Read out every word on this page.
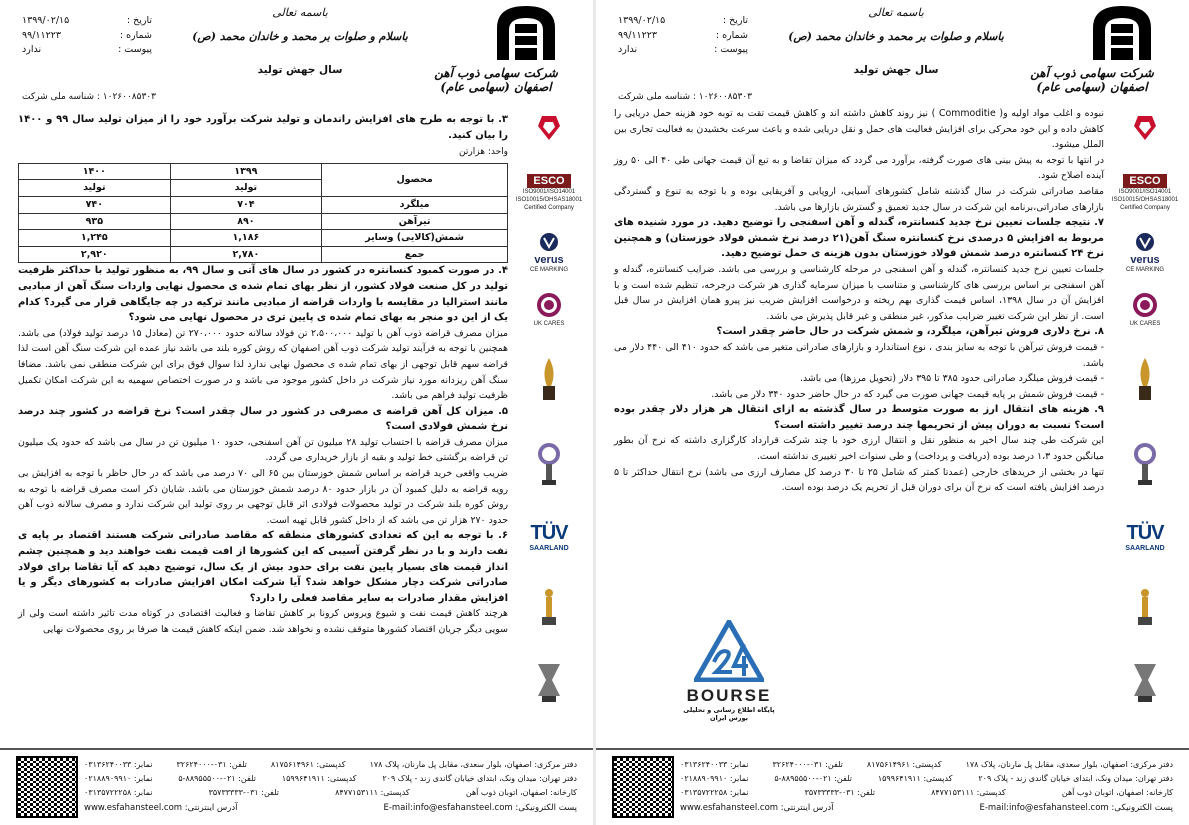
شرکت سهامی ذوب آهن اصفهان (سهامی عام)
باسمه تعالی
باسلام و صلوات بر محمد و خاندان محمد (ص)
سال جهش تولید
تاریخ :
۱۳۹۹/۰۲/۱۵
شماره :
۹۹/۱۱۲۲۳
پیوست :
ندارد
۱۰۲۶۰۰۸۵۳۰۳ : شناسه ملی شرکت
ESCO
ISO9001/ISO14001
ISO10015/OHSAS18001
Certified Company
verus
CE MARKING
UK CARES
TÜV
SAARLAND

۳. با توجه به طرح های افزایش راندمان و تولید شرکت برآورد خود را از میزان تولید سال ۹۹ و ۱۴۰۰ را بیان کنید.

واحد: هزارتن
محصول	۱۳۹۹	۱۴۰۰
	تولید	تولید
میلگرد	۷۰۴	۷۴۰
تیرآهن	۸۹۰	۹۳۵
شمش(کالایی) وسایر	۱,۱۸۶	۱,۲۴۵
جمع	۲,۷۸۰	۲,۹۲۰

۴. در صورت کمبود کنسانتره در کشور در سال های آتی و سال ۹۹، به منظور تولید با حداکثر ظرفیت تولید در کل صنعت فولاد کشور، از نظر بهای تمام شده ی محصول نهایی واردات سنگ آهن از مبادیی مانند استرالیا در مقایسه با واردات قراضه از مبادیی مانند ترکیه در چه جایگاهی قرار می گیرد؟ کدام یک از این دو منجر به بهای تمام شده ی پایین تری در محصول نهایی می شود؟

میزان مصرف قراضه ذوب آهن با تولید ۲،۵۰۰،۰۰۰ تن فولاد سالانه حدود ۲۷۰،۰۰۰ تن (معادل ۱۵ درصد تولید فولاد) می باشد. همچنین با توجه به فرآیند تولید شرکت ذوب آهن اصفهان که روش کوره بلند می باشد نیاز عمده این شرکت سنگ آهن است لذا قراضه سهم قابل توجهی از بهای تمام شده ی محصول نهایی ندارد لذا سوال فوق برای این شرکت منطقی نمی باشد. مضافا سنگ آهن ریزدانه مورد نیاز شرکت در داخل کشور موجود می باشد و در صورت اختصاص سهمیه به این شرکت امکان تکمیل ظرفیت تولید فراهم می باشد.

۵. میزان کل آهن قراضه ی مصرفی در کشور در سال چقدر است؟ نرخ قراضه در کشور چند درصد نرخ شمش فولادی است؟

میزان مصرف قراضه با احتساب تولید ۲۸ میلیون تن آهن اسفنجی، حدود ۱۰ میلیون تن در سال می باشد که حدود یک میلیون تن قراضه برگشتی خط تولید و بقیه از بازار خریداری می گردد.

ضریب واقعی خرید قراضه بر اساس شمش خوزستان بین ۶۵ الی ۷۰ درصد می باشد که در حال حاظر با توجه به افزایش بی رویه قراضه به دلیل کمبود آن در بازار حدود ۸۰ درصد شمش خوزستان می باشد. شایان ذکر است مصرف قراضه با توجه به روش کوره بلند شرکت در تولید محصولات فولادی اثر قابل توجهی بر روی تولید این شرکت ندارد و مصرف سالانه ذوب آهن حدود ۲۷۰ هزار تن می باشد که از داخل کشور قابل تهیه است.

۶. با توجه به این که تعدادی کشورهای منطقه که مقاصد صادراتی شرکت هستند اقتصاد بر پایه ی نفت دارند و با در نظر گرفتن آسیبی که این کشورها از افت قیمت نفت خواهند دید و همچنین چشم انداز قیمت های بسیار پایین نفت برای حدود بیش از یک سال، توضیح دهید که آیا تقاضا برای فولاد صادراتی شرکت دچار مشکل خواهد شد؟ آیا شرکت امکان افزایش صادرات به کشورهای دیگر و یا افزایش مقدار صادرات به سایر مقاصد فعلی را دارد؟

هرچند کاهش قیمت نفت و شیوع ویروس کرونا بر کاهش تقاضا و فعالیت اقتصادی در کوتاه مدت تاثیر داشته است ولی از سویی دیگر جریان اقتصاد کشورها متوقف نشده و نخواهد شد. ضمن اینکه کاهش قیمت ها صرفا بر روی محصولات نهایی

دفتر مرکزی: اصفهان، بلوار سعدی، مقابل پل مارنان، پلاک ۱۷۸
کدپستی: ۸۱۷۵۶۱۴۹۶۱
تلفن: ۰۳۱-۳۲۶۲۴۰۰۰
نمابر: ۰۳۱۳۶۲۴۰۰۳۳
دفتر تهران: میدان ونک، ابتدای خیابان گاندی زند - پلاک ۲۰۹
کدپستی: ۱۵۹۹۶۴۱۹۱۱
تلفن: ۰۲۱-۸۸۹۵۵۵۰۰-۵
نمابر: ۰۲۱۸۸۹۰۹۹۱۰
کارخانه: اصفهان، اتوبان ذوب آهن
کدپستی: ۸۴۷۷۱۵۳۱۱۱
تلفن: ۰۳۱-۳۵۷۳۳۳۳۳
نمابر: ۰۳۱۳۵۷۲۲۲۵۸
پست الکترونیکی: E-mail:info@esfahansteel.com
آدرس اینترنتی: www.esfahansteel.com
شرکت سهامی ذوب آهن اصفهان (سهامی عام)
باسمه تعالی
باسلام و صلوات بر محمد و خاندان محمد (ص)
سال جهش تولید
تاریخ :
۱۳۹۹/۰۲/۱۵
شماره :
۹۹/۱۱۲۲۳
پیوست :
ندارد
۱۰۲۶۰۰۸۵۳۰۳ : شناسه ملی شرکت
ESCO
ISO9001/ISO14001
ISO10015/OHSAS18001
Certified Company
verus
CE MARKING
UK CARES
TÜV
SAARLAND

نبوده و اغلب مواد اولیه و( Commoditie ) نیز روند کاهش داشته اند و کاهش قیمت تقت به توبه خود هزینه حمل دریایی را کاهش داده و این خود محرکی برای افزایش فعالیت های حمل و نقل دریایی شده و باعث سرعت بخشیدن به فعالیت تجاری بین الملل میشود.

در انتها با توجه به پیش بینی های صورت گرفته، برآورد می گردد که میزان تقاضا و به تبع آن قیمت جهانی طی ۴۰ الی ۵۰ روز آینده اصلاح شود.

مقاصد صادراتی شرکت در سال گذشته شامل کشورهای آسیایی، اروپایی و آفریقایی بوده و با توجه به تنوع و گستردگی بازارهای صادراتی،برنامه این شرکت در سال جدید تعمیق و گسترش بازارها می باشد.

۷. نتیجه جلسات تعیین نرخ جدید کنسانتره، گندله و آهن اسفنجی را توضیح دهید. در مورد شنیده های مربوط به افزایش ۵ درصدی نرخ کنسانتره سنگ آهن(۲۱ درصد نرخ شمش فولاد خوزستان) و همچنین نرخ ۲۴ کنسانتره درصد شمش فولاد خوزستان بدون هزینه ی حمل توضیح دهید.

جلسات تعیین نرخ جدید کنسانتره، گندله و آهن اسفنجی در مرحله کارشناسی و بررسی می باشد. ضرایب کنسانتره، گندله و آهن اسفنجی بر اساس بررسی های کارشناسی و متناسب با میزان سرمایه گذاری هر شرکت درجرخه، تنظیم شده است و با افزایش آن در سال ۱۳۹۸، اساس قیمت گذاری بهم ریخته و درخواست افزایش ضریب نیز پیرو همان افزایش در سال قبل است. از نظر این شرکت تغییر ضرایب مذکور، غیر منطقی و غیر قابل پذیرش می باشد.

۸. نرخ دلاری فروش تیرآهن، میلگرد، و شمش شرکت در حال حاضر چقدر است؟

- قیمت فروش تیرآهن با توجه به سایز بندی ، نوع استاندارد و بازارهای صادراتی متغیر می باشد که حدود ۴۱۰ الی ۴۴۰ دلار می باشد.

- قیمت فروش میلگرد صادراتی حدود ۳۸۵ تا ۳۹۵ دلار (تحویل مرزها) می باشد.

- قیمت فروش شمش بر پایه قیمت جهانی صورت می گیرد که در حال حاضر حدود ۳۴۰ دلار می باشد.

۹. هزینه های انتقال ارز به صورت متوسط در سال گذشته به ازای انتقال هر هزار دلار چقدر بوده است؟ نسبت به دوران پیش از تحریمها چند درصد تغییر داشته است؟

این شرکت طی چند سال اخیر به منظور نقل و انتقال ارزی خود با چند شرکت قرارداد کارگزاری داشته که نرخ آن بطور میانگین حدود ۱،۳ درصد بوده (دریافت و پرداخت) و طی سنوات اخیر تغییری نداشته است.

تنها در بخشی از خریدهای خارجی (عمدتا کمتر که شامل ۲۵ تا ۳۰ درصد کل مصارف ارزی می باشد) نرخ انتقال حداکثر تا ۵ درصد افزایش یافته است که نرخ آن برای دوران قبل از تحریم یک درصد بوده است.

BOURSE
پایگاه اطلاع رسانی و تحلیلی بورس ایران
دفتر مرکزی: اصفهان، بلوار سعدی، مقابل پل مارنان، پلاک ۱۷۸
کدپستی: ۸۱۷۵۶۱۴۹۶۱
تلفن: ۰۳۱-۳۲۶۲۴۰۰۰
نمابر: ۰۳۱۳۶۲۴۰۰۳۳
دفتر تهران: میدان ونک، ابتدای خیابان گاندی زند - پلاک ۲۰۹
کدپستی: ۱۵۹۹۶۴۱۹۱۱
تلفن: ۰۲۱-۸۸۹۵۵۵۰۰-۵
نمابر: ۰۲۱۸۸۹۰۹۹۱۰
کارخانه: اصفهان، اتوبان ذوب آهن
کدپستی: ۸۴۷۷۱۵۳۱۱۱
تلفن: ۰۳۱-۳۵۷۳۳۳۳۳
نمابر: ۰۳۱۳۵۷۲۲۲۵۸
پست الکترونیکی: E-mail:info@esfahansteel.com
آدرس اینترنتی: www.esfahansteel.com
